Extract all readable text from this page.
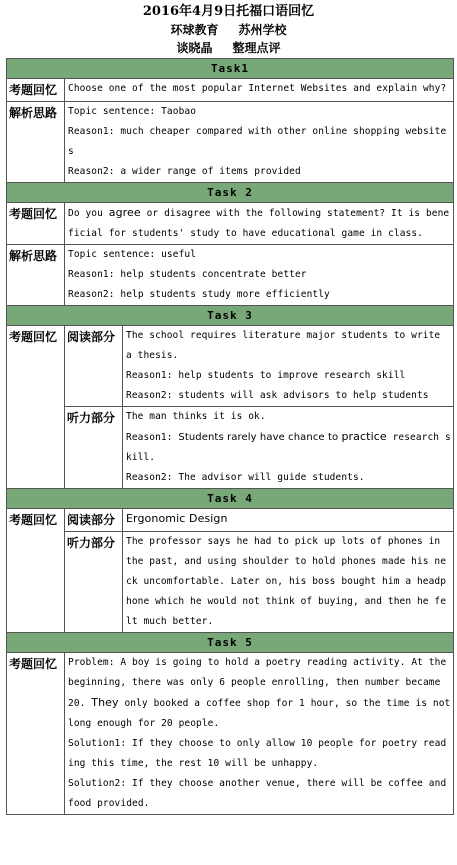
2016年4月9日托福口语回忆
环球教育 苏州学校
谈晓晶 整理点评
Task1		
考题回忆	Choose one of the most popular Internet Websites and explain why?	
解析思路	Topic sentence: Taobao
Reason1: much cheaper compared with other online shopping websites
Reason2: a wider range of items provided	

Task 2		
考题回忆	Do you agree or disagree with the following statement? It is beneficial for students' study to have educational game in class.	
解析思路	Topic sentence: useful
Reason1: help students concentrate better
Reason2: help students study more efficiently	

Task 3		
考题回忆	阅读部分	The school requires literature major students to write a thesis.
Reason1: help students to improve research skill
Reason2: students will ask advisors to help students

	听力部分	The man thinks it is ok.
Reason1: Students rarely have chance to practice research skill.
Reason2: The advisor will guide students.

Task 4		
考题回忆	阅读部分	Ergonomic Design
	听力部分	The professor says he had to pick up lots of phones in the past, and using shoulder to hold phones made his neck uncomfortable. Later on, his boss bought him a headphone which he would not think of buying, and then he felt much better.
Task 5		
考题回忆	Problem: A boy is going to hold a poetry reading activity. At the beginning, there was only 6 people enrolling, then number became 20. They only booked a coffee shop for 1 hour, so the time is not long enough for 20 people.
Solution1: If they choose to only allow 10 people for poetry reading this time, the rest 10 will be unhappy.
Solution2: If they choose another venue, there will be coffee and food provided.	
